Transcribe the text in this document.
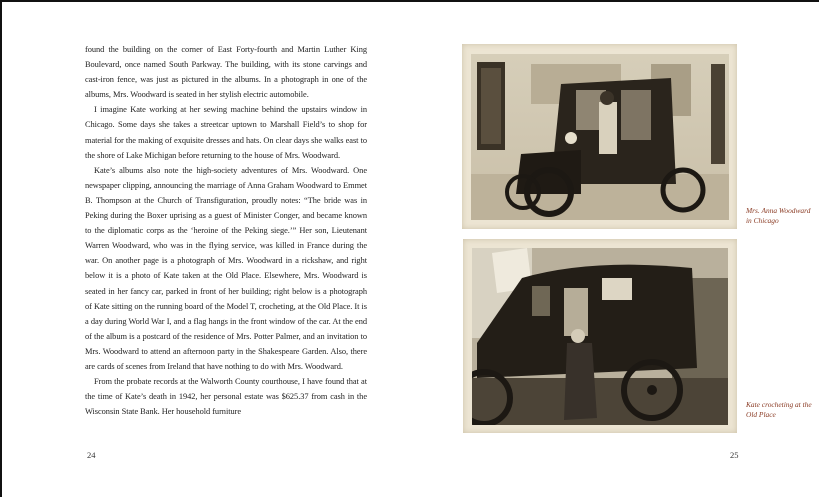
found the building on the corner of East Forty-fourth and Martin Luther King Boulevard, once named South Parkway. The building, with its stone carvings and cast-iron fence, was just as pictured in the albums. In a photograph in one of the albums, Mrs. Woodward is seated in her stylish electric automobile.

I imagine Kate working at her sewing machine behind the upstairs window in Chicago. Some days she takes a streetcar uptown to Marshall Field’s to shop for material for the making of exquisite dresses and hats. On clear days she walks east to the shore of Lake Michigan before returning to the house of Mrs. Woodward.

Kate’s albums also note the high-society adventures of Mrs. Woodward. One newspaper clipping, announcing the marriage of Anna Graham Woodward to Emmet B. Thompson at the Church of Transfiguration, proudly notes: “The bride was in Peking during the Boxer uprising as a guest of Minister Conger, and became known to the diplomatic corps as the ‘heroine of the Peking siege.’” Her son, Lieutenant Warren Woodward, who was in the flying service, was killed in France during the war. On another page is a photograph of Mrs. Woodward in a rickshaw, and right below it is a photo of Kate taken at the Old Place. Elsewhere, Mrs. Woodward is seated in her fancy car, parked in front of her building; right below is a photograph of Kate sitting on the running board of the Model T, crocheting, at the Old Place. It is a day during World War I, and a flag hangs in the front window of the car. At the end of the album is a postcard of the residence of Mrs. Potter Palmer, and an invitation to Mrs. Woodward to attend an afternoon party in the Shakespeare Garden. Also, there are cards of scenes from Ireland that have nothing to do with Mrs. Woodward.

From the probate records at the Walworth County courthouse, I have found that at the time of Kate’s death in 1942, her personal estate was $625.37 from cash in the Wisconsin State Bank. Her household furniture

24
Mrs. Anna Woodward in Chicago
Kate crocheting at the Old Place
25
